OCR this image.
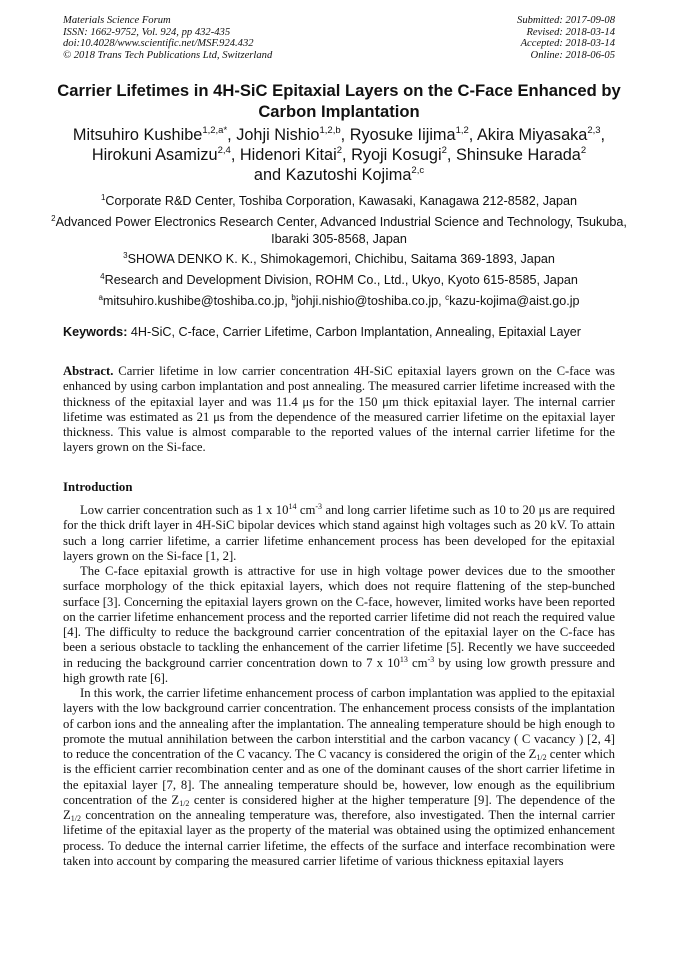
Materials Science Forum
ISSN: 1662-9752, Vol. 924, pp 432-435
doi:10.4028/www.scientific.net/MSF.924.432
© 2018 Trans Tech Publications Ltd, Switzerland
Submitted: 2017-09-08
Revised: 2018-03-14
Accepted: 2018-03-14
Online: 2018-06-05
Carrier Lifetimes in 4H-SiC Epitaxial Layers on the C-Face Enhanced by Carbon Implantation
Mitsuhiro Kushibe$^{1,2,a*}$, Johji Nishio$^{1,2,b}$, Ryosuke Iijima$^{1,2}$, Akira Miyasaka$^{2,3}$,
Hirokuni Asamizu$^{2,4}$, Hidenori Kitai$^2$, Ryoji Kosugi$^2$, Shinsuke Harada$^2$
and Kazutoshi Kojima$^{2,c}$
$^1$Corporate R&D Center, Toshiba Corporation, Kawasaki, Kanagawa 212-8582, Japan
$^2$Advanced Power Electronics Research Center, Advanced Industrial Science and Technology, Tsukuba, Ibaraki 305-8568, Japan
$^3$SHOWA DENKO K. K., Shimokagemori, Chichibu, Saitama 369-1893, Japan
$^4$Research and Development Division, ROHM Co., Ltd., Ukyo, Kyoto 615-8585, Japan
$^a$mitsuhiro.kushibe@toshiba.co.jp, $^b$johji.nishio@toshiba.co.jp, $^c$kazu-kojima@aist.go.jp
Keywords: 4H-SiC, C-face, Carrier Lifetime, Carbon Implantation, Annealing, Epitaxial Layer

Abstract. Carrier lifetime in low carrier concentration 4H-SiC epitaxial layers grown on the C-face was enhanced by using carbon implantation and post annealing. The measured carrier lifetime increased with the thickness of the epitaxial layer and was 11.4 μs for the 150 μm thick epitaxial layer. The internal carrier lifetime was estimated as 21 μs from the dependence of the measured carrier lifetime on the epitaxial layer thickness. This value is almost comparable to the reported values of the internal carrier lifetime for the layers grown on the Si-face.

Introduction

Low carrier concentration such as 1 x $10^{14}$ $cm^{-3}$ and long carrier lifetime such as 10 to 20 μs are required for the thick drift layer in 4H-SiC bipolar devices which stand against high voltages such as 20 kV. To attain such a long carrier lifetime, a carrier lifetime enhancement process has been developed for the epitaxial layers grown on the Si-face [1, 2].

The C-face epitaxial growth is attractive for use in high voltage power devices due to the smoother surface morphology of the thick epitaxial layers, which does not require flattening of the step-bunched surface [3]. Concerning the epitaxial layers grown on the C-face, however, limited works have been reported on the carrier lifetime enhancement process and the reported carrier lifetime did not reach the required value [4]. The difficulty to reduce the background carrier concentration of the epitaxial layer on the C-face has been a serious obstacle to tackling the enhancement of the carrier lifetime [5]. Recently we have succeeded in reducing the background carrier concentration down to 7 x $10^{13}$ $cm^{-3}$ by using low growth pressure and high growth rate [6].

In this work, the carrier lifetime enhancement process of carbon implantation was applied to the epitaxial layers with the low background carrier concentration. The enhancement process consists of the implantation of carbon ions and the annealing after the implantation. The annealing temperature should be high enough to promote the mutual annihilation between the carbon interstitial and the carbon vacancy ( C vacancy ) [2, 4] to reduce the concentration of the C vacancy. The C vacancy is considered the origin of the $Z_{1/2}$ center which is the efficient carrier recombination center and as one of the dominant causes of the short carrier lifetime in the epitaxial layer [7, 8]. The annealing temperature should be, however, low enough as the equilibrium concentration of the $Z_{1/2}$ center is considered higher at the higher temperature [9]. The dependence of the $Z_{1/2}$ concentration on the annealing temperature was, therefore, also investigated. Then the internal carrier lifetime of the epitaxial layer as the property of the material was obtained using the optimized enhancement process. To deduce the internal carrier lifetime, the effects of the surface and interface recombination were taken into account by comparing the measured carrier lifetime of various thickness epitaxial layers
